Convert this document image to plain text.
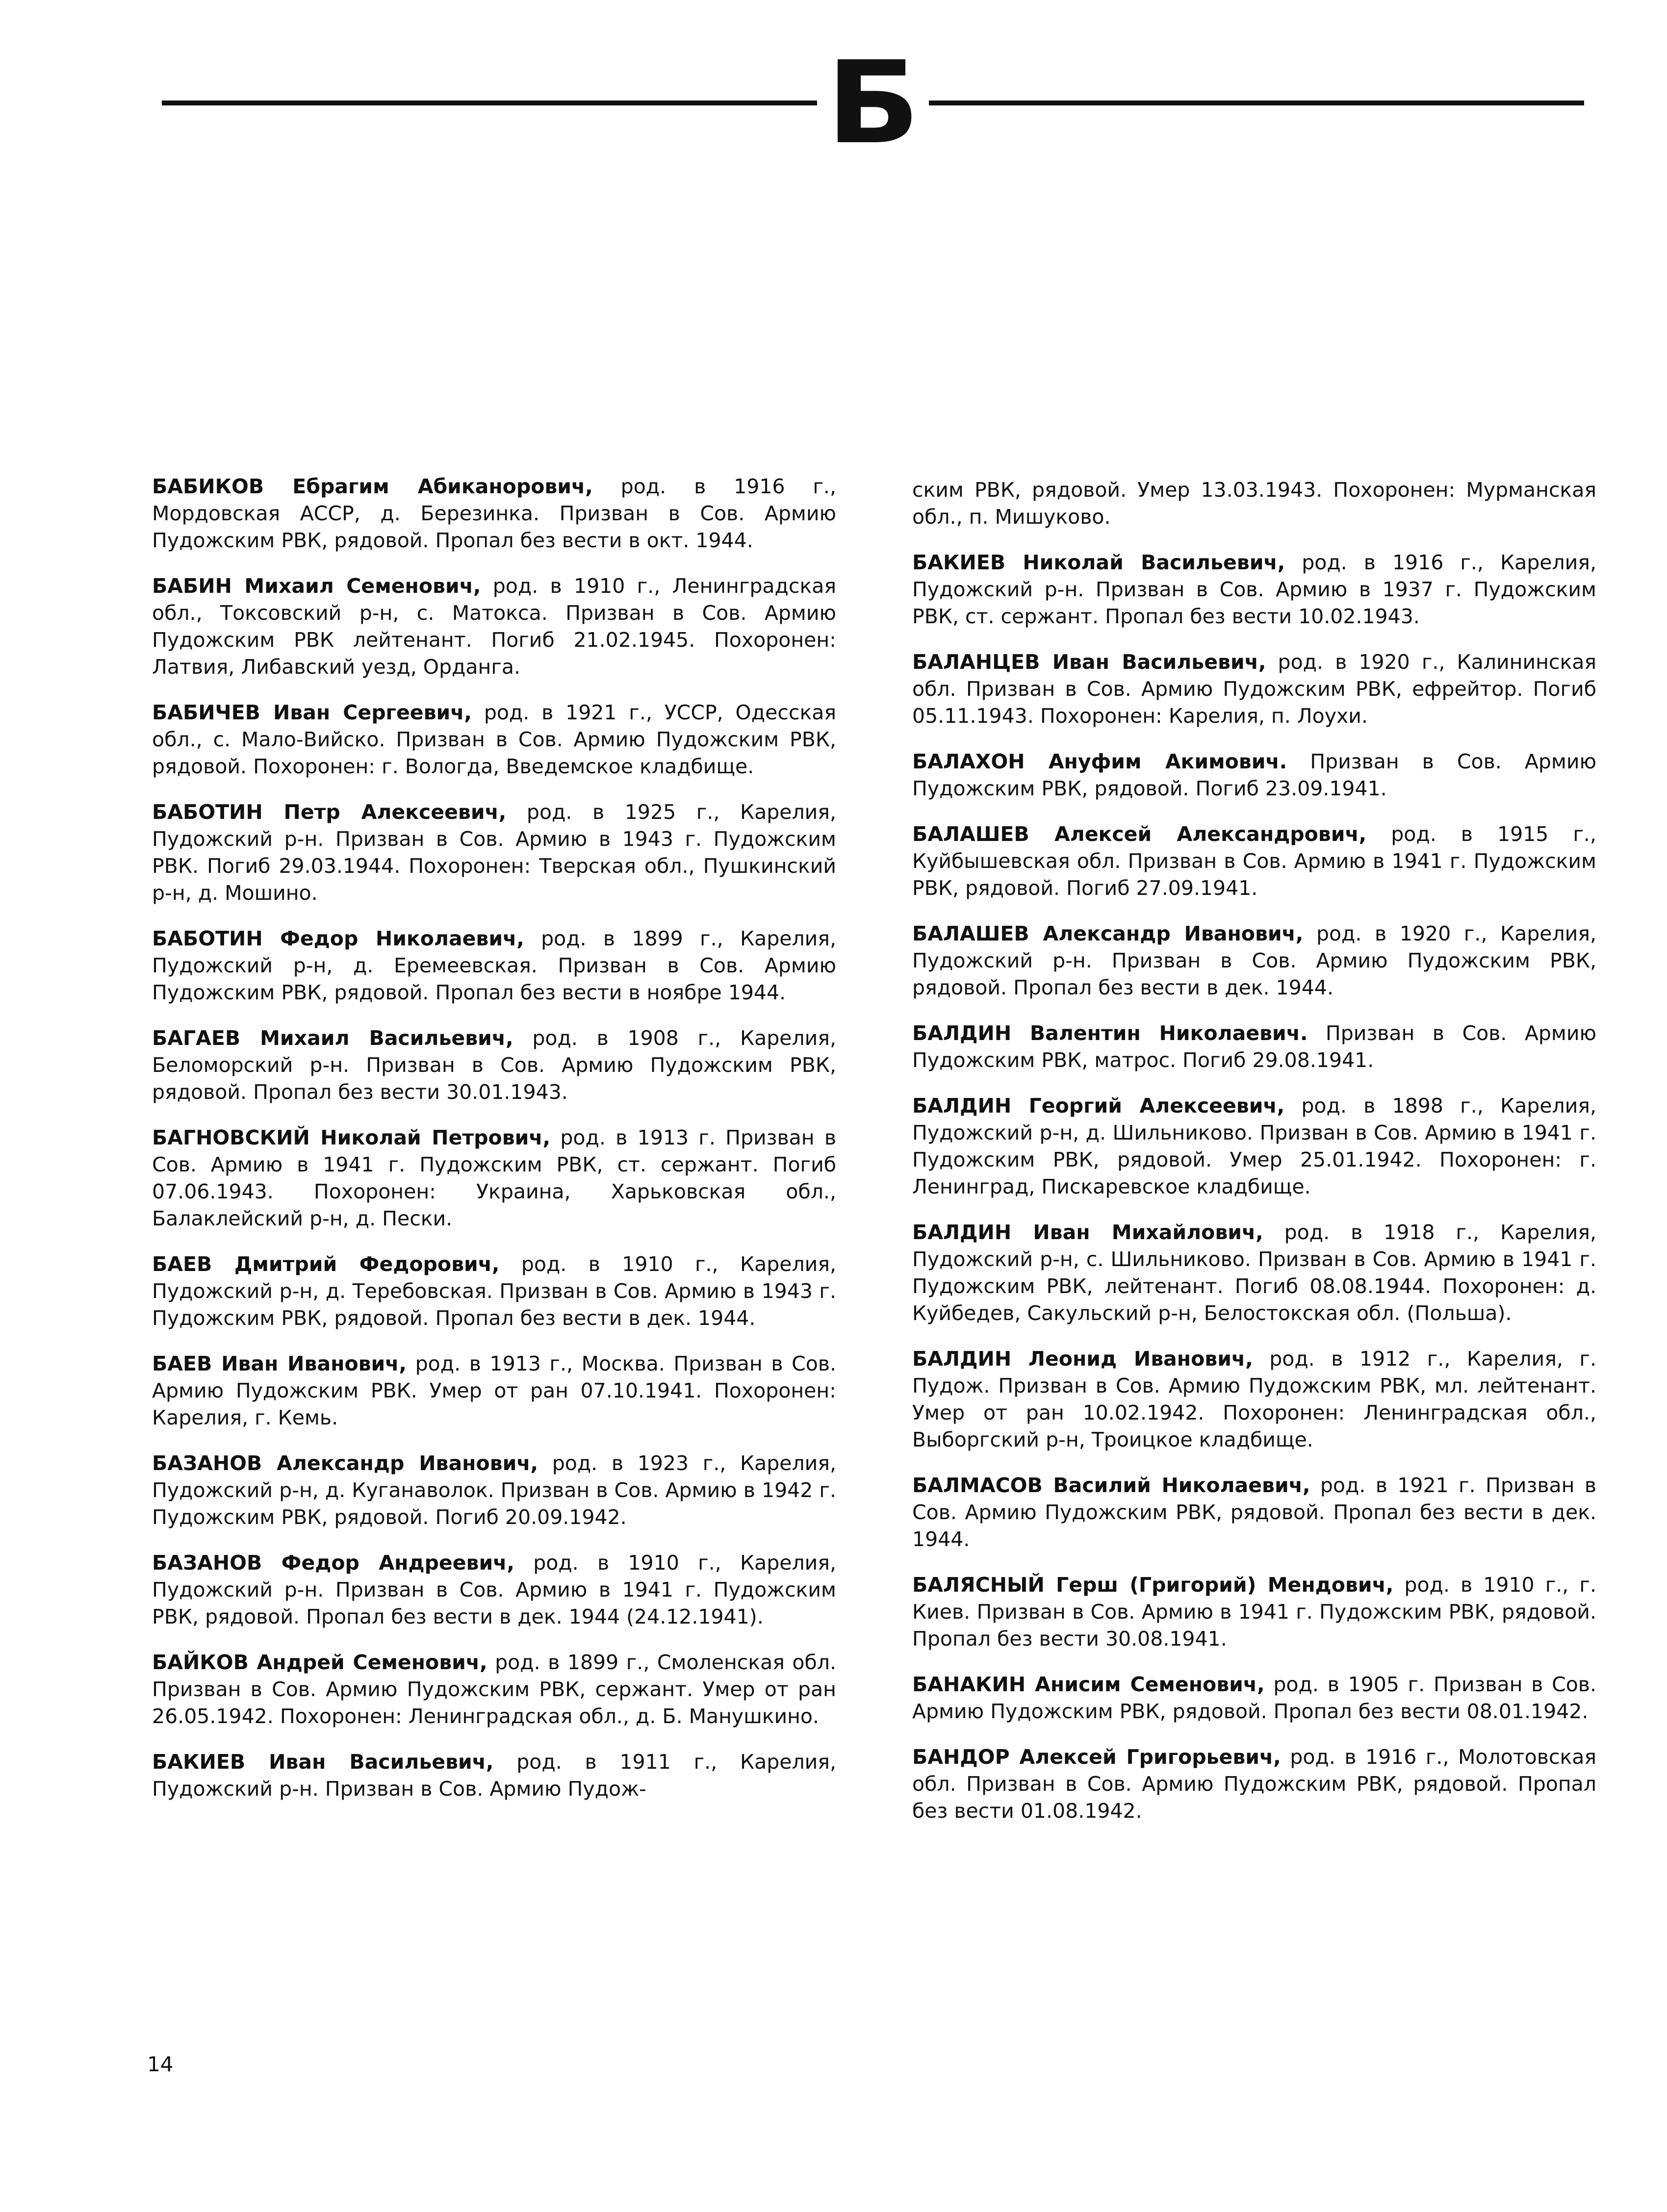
Б

БАБИКОВ Ебрагим Абиканорович, род. в 1916 г., Мордовская АССР, д. Березинка. Призван в Сов. Армию Пудожским РВК, рядовой. Пропал без вести в окт. 1944.

БАБИН Михаил Семенович, род. в 1910 г., Ленинградская обл., Токсовский р-н, с. Матокса. Призван в Сов. Армию Пудожским РВК лейтенант. Погиб 21.02.1945. Похоронен: Латвия, Либавский уезд, Орданга.

БАБИЧЕВ Иван Сергеевич, род. в 1921 г., УССР, Одесская обл., с. Мало-Вийско. Призван в Сов. Армию Пудожским РВК, рядовой. Похоронен: г. Вологда, Введемское кладбище.

БАБОТИН Петр Алексеевич, род. в 1925 г., Карелия, Пудожский р-н. Призван в Сов. Армию в 1943 г. Пудожским РВК. Погиб 29.03.1944. Похоронен: Тверская обл., Пушкинский р-н, д. Мошино.

БАБОТИН Федор Николаевич, род. в 1899 г., Карелия, Пудожский р-н, д. Еремеевская. Призван в Сов. Армию Пудожским РВК, рядовой. Пропал без вести в ноябре 1944.

БАГАЕВ Михаил Васильевич, род. в 1908 г., Карелия, Беломорский р-н. Призван в Сов. Армию Пудожским РВК, рядовой. Пропал без вести 30.01.1943.

БАГНОВСКИЙ Николай Петрович, род. в 1913 г. Призван в Сов. Армию в 1941 г. Пудожским РВК, ст. сержант. Погиб 07.06.1943. Похоронен: Украина, Харьковская обл., Балаклейский р-н, д. Пески.

БАЕВ Дмитрий Федорович, род. в 1910 г., Карелия, Пудожский р-н, д. Теребовская. Призван в Сов. Армию в 1943 г. Пудожским РВК, рядовой. Пропал без вести в дек. 1944.

БАЕВ Иван Иванович, род. в 1913 г., Москва. Призван в Сов. Армию Пудожским РВК. Умер от ран 07.10.1941. Похоронен: Карелия, г. Кемь.

БАЗАНОВ Александр Иванович, род. в 1923 г., Карелия, Пудожский р-н, д. Куганаволок. Призван в Сов. Армию в 1942 г. Пудожским РВК, рядовой. Погиб 20.09.1942.

БАЗАНОВ Федор Андреевич, род. в 1910 г., Карелия, Пудожский р-н. Призван в Сов. Армию в 1941 г. Пудожским РВК, рядовой. Пропал без вести в дек. 1944 (24.12.1941).

БАЙКОВ Андрей Семенович, род. в 1899 г., Смоленская обл. Призван в Сов. Армию Пудожским РВК, сержант. Умер от ран 26.05.1942. Похоронен: Ленинградская обл., д. Б. Манушкино.

БАКИЕВ Иван Васильевич, род. в 1911 г., Карелия, Пудожский р-н. Призван в Сов. Армию Пудож-

ским РВК, рядовой. Умер 13.03.1943. Похоронен: Мурманская обл., п. Мишуково.

БАКИЕВ Николай Васильевич, род. в 1916 г., Карелия, Пудожский р-н. Призван в Сов. Армию в 1937 г. Пудожским РВК, ст. сержант. Пропал без вести 10.02.1943.

БАЛАНЦЕВ Иван Васильевич, род. в 1920 г., Калининская обл. Призван в Сов. Армию Пудожским РВК, ефрейтор. Погиб 05.11.1943. Похоронен: Карелия, п. Лоухи.

БАЛАХОН Ануфим Акимович. Призван в Сов. Армию Пудожским РВК, рядовой. Погиб 23.09.1941.

БАЛАШЕВ Алексей Александрович, род. в 1915 г., Куйбышевская обл. Призван в Сов. Армию в 1941 г. Пудожским РВК, рядовой. Погиб 27.09.1941.

БАЛАШЕВ Александр Иванович, род. в 1920 г., Карелия, Пудожский р-н. Призван в Сов. Армию Пудожским РВК, рядовой. Пропал без вести в дек. 1944.

БАЛДИН Валентин Николаевич. Призван в Сов. Армию Пудожским РВК, матрос. Погиб 29.08.1941.

БАЛДИН Георгий Алексеевич, род. в 1898 г., Карелия, Пудожский р-н, д. Шильниково. Призван в Сов. Армию в 1941 г. Пудожским РВК, рядовой. Умер 25.01.1942. Похоронен: г. Ленинград, Пискаревское кладбище.

БАЛДИН Иван Михайлович, род. в 1918 г., Карелия, Пудожский р-н, с. Шильниково. Призван в Сов. Армию в 1941 г. Пудожским РВК, лейтенант. Погиб 08.08.1944. Похоронен: д. Куйбедев, Сакульский р-н, Белостокская обл. (Польша).

БАЛДИН Леонид Иванович, род. в 1912 г., Карелия, г. Пудож. Призван в Сов. Армию Пудожским РВК, мл. лейтенант. Умер от ран 10.02.1942. Похоронен: Ленинградская обл., Выборгский р-н, Троицкое кладбище.

БАЛМАСОВ Василий Николаевич, род. в 1921 г. Призван в Сов. Армию Пудожским РВК, рядовой. Пропал без вести в дек. 1944.

БАЛЯСНЫЙ Герш (Григорий) Мендович, род. в 1910 г., г. Киев. Призван в Сов. Армию в 1941 г. Пудожским РВК, рядовой. Пропал без вести 30.08.1941.

БАНАКИН Анисим Семенович, род. в 1905 г. Призван в Сов. Армию Пудожским РВК, рядовой. Пропал без вести 08.01.1942.

БАНДОР Алексей Григорьевич, род. в 1916 г., Молотовская обл. Призван в Сов. Армию Пудожским РВК, рядовой. Пропал без вести 01.08.1942.

14
